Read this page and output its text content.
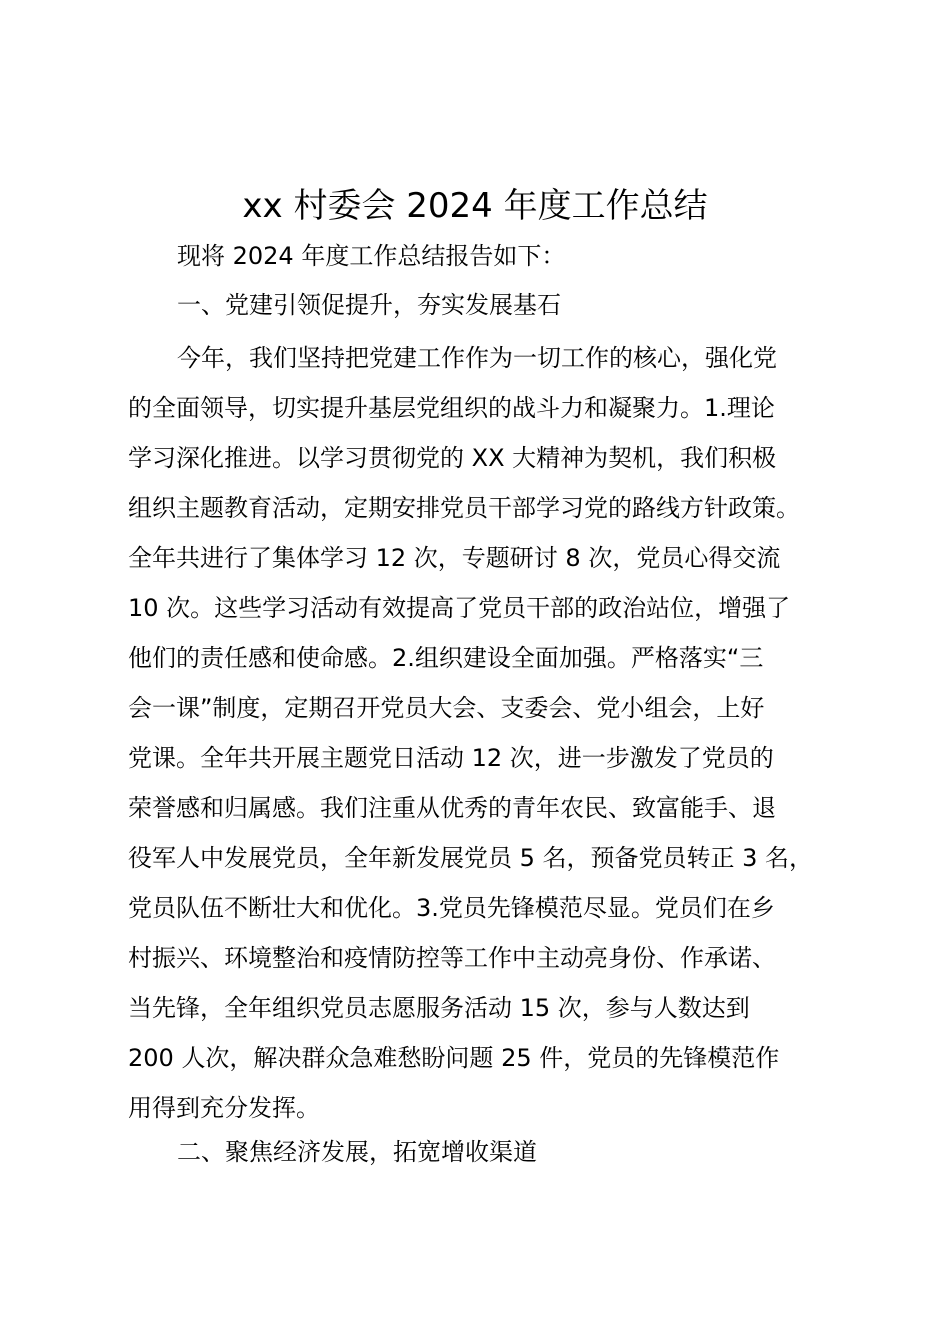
xx 村委会 2024 年度工作总结
现将 2024 年度工作总结报告如下：
一、党建引领促提升，夯实发展基石
今年，我们坚持把党建工作作为一切工作的核心，强化党
的全面领导，切实提升基层党组织的战斗力和凝聚力。1.理论
学习深化推进。以学习贯彻党的 XX 大精神为契机，我们积极
组织主题教育活动，定期安排党员干部学习党的路线方针政策。
全年共进行了集体学习 12 次，专题研讨 8 次，党员心得交流
10 次。这些学习活动有效提高了党员干部的政治站位，增强了
他们的责任感和使命感。2.组织建设全面加强。严格落实“三
会一课”制度，定期召开党员大会、支委会、党小组会，上好
党课。全年共开展主题党日活动 12 次，进一步激发了党员的
荣誉感和归属感。我们注重从优秀的青年农民、致富能手、退
役军人中发展党员，全年新发展党员 5 名，预备党员转正 3 名，
党员队伍不断壮大和优化。3.党员先锋模范尽显。党员们在乡
村振兴、环境整治和疫情防控等工作中主动亮身份、作承诺、
当先锋，全年组织党员志愿服务活动 15 次，参与人数达到
200 人次，解决群众急难愁盼问题 25 件，党员的先锋模范作
用得到充分发挥。
二、聚焦经济发展，拓宽增收渠道
